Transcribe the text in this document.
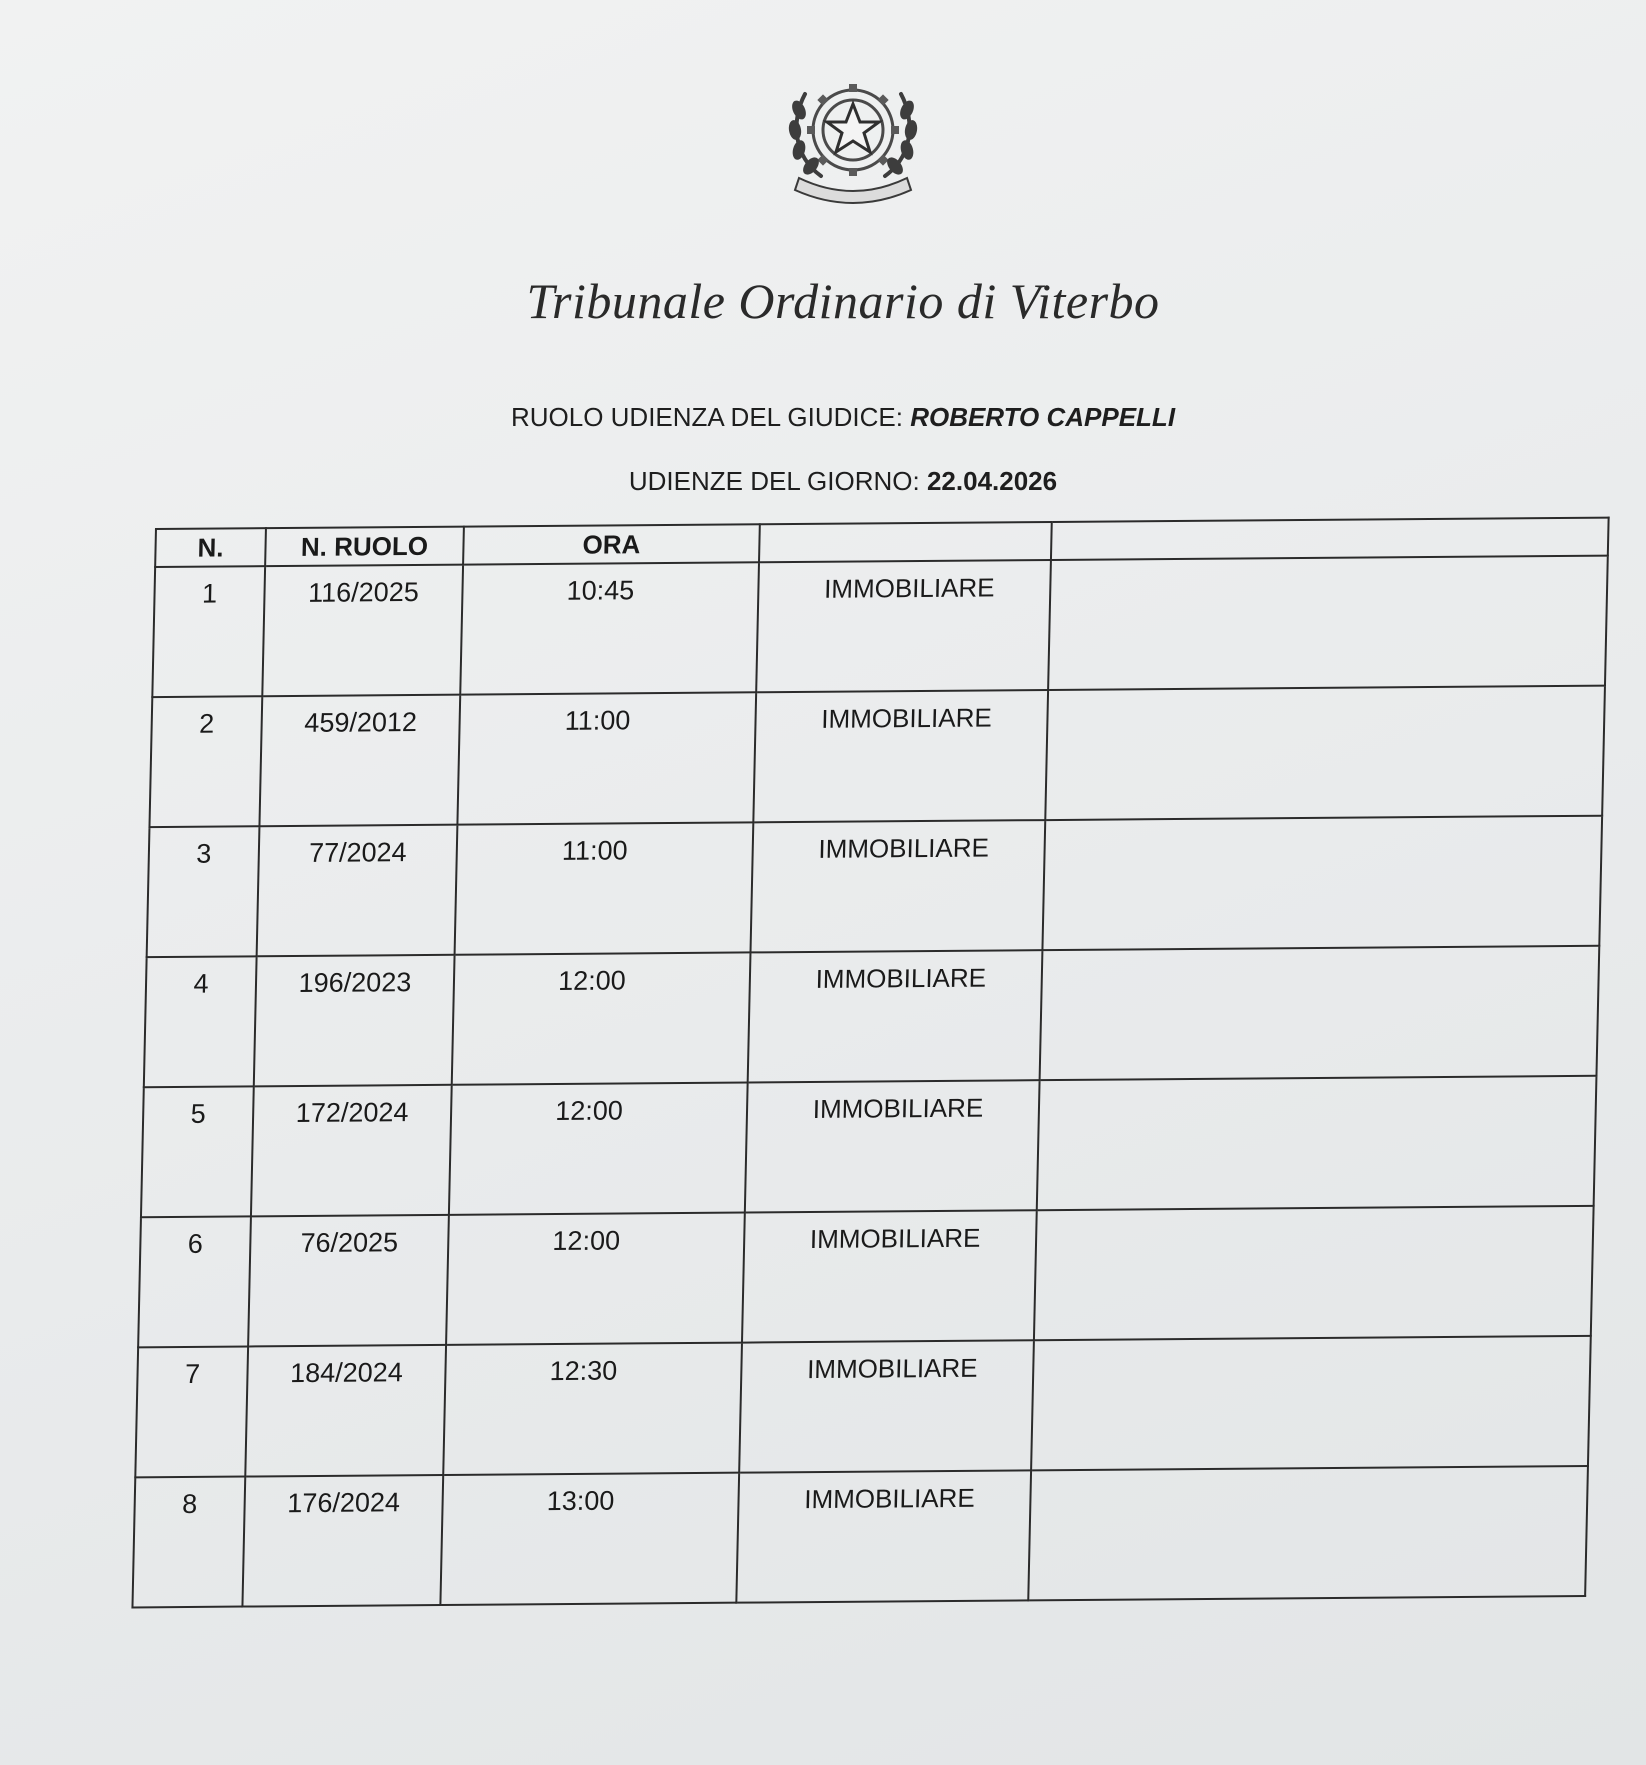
Tribunale Ordinario di Viterbo
RUOLO UDIENZA DEL GIUDICE: ROBERTO CAPPELLI
UDIENZE DEL GIORNO: 22.04.2026
N.	N. RUOLO	ORA		
1	116/2025	10:45	IMMOBILIARE	
2	459/2012	11:00	IMMOBILIARE	
3	77/2024	11:00	IMMOBILIARE	
4	196/2023	12:00	IMMOBILIARE	
5	172/2024	12:00	IMMOBILIARE	
6	76/2025	12:00	IMMOBILIARE	
7	184/2024	12:30	IMMOBILIARE	
8	176/2024	13:00	IMMOBILIARE	
